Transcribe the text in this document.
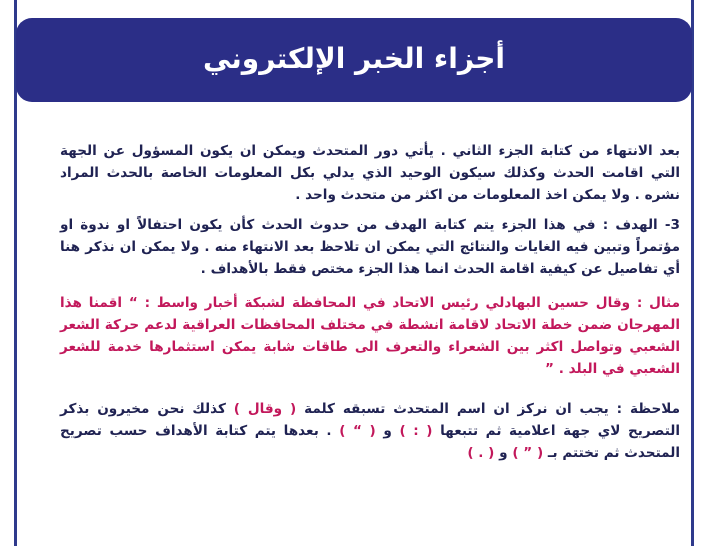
أجزاء الخبر الإلكتروني
بعد الانتهاء من كتابة الجزء الثاني . يأتي دور المتحدث ويمكن ان يكون المسؤول عن الجهة التي اقامت الحدث وكذلك سيكون الوحيد الذي يدلي بكل المعلومات الخاصة بالحدث المراد نشره . ولا يمكن اخذ المعلومات من اكثر من متحدث واحد .
3- الهدف : في هذا الجزء يتم كتابة الهدف من حدوث الحدث كأن يكون احتفالاً او ندوة او مؤتمراً وتبين فيه الغايات والنتائج التي يمكن ان تلاحظ بعد الانتهاء منه . ولا يمكن ان نذكر هنا أي تفاصيل عن كيفية اقامة الحدث انما هذا الجزء مختص فقط بالأهداف .
مثال : وقال حسين البهادلي رئيس الاتحاد في المحافظة لشبكة أخبار واسط : “ اقمنا هذا المهرجان ضمن خطة الاتحاد لاقامة انشطة في مختلف المحافظات العراقية لدعم حركة الشعر الشعبي وتواصل اكثر بين الشعراء والتعرف الى طاقات شابة يمكن استثمارها خدمة للشعر الشعبي في البلد . ”
ملاحظة : يجب ان نركز ان اسم المتحدث تسبقه كلمة ( وقال ) كذلك نحن مخيرون بذكر التصريح لاي جهة اعلامية ثم تتبعها ( : ) و ( “ ) . بعدها يتم كتابة الأهداف حسب تصريح المتحدث ثم تختتم بـ ( ” ) و ( . )
